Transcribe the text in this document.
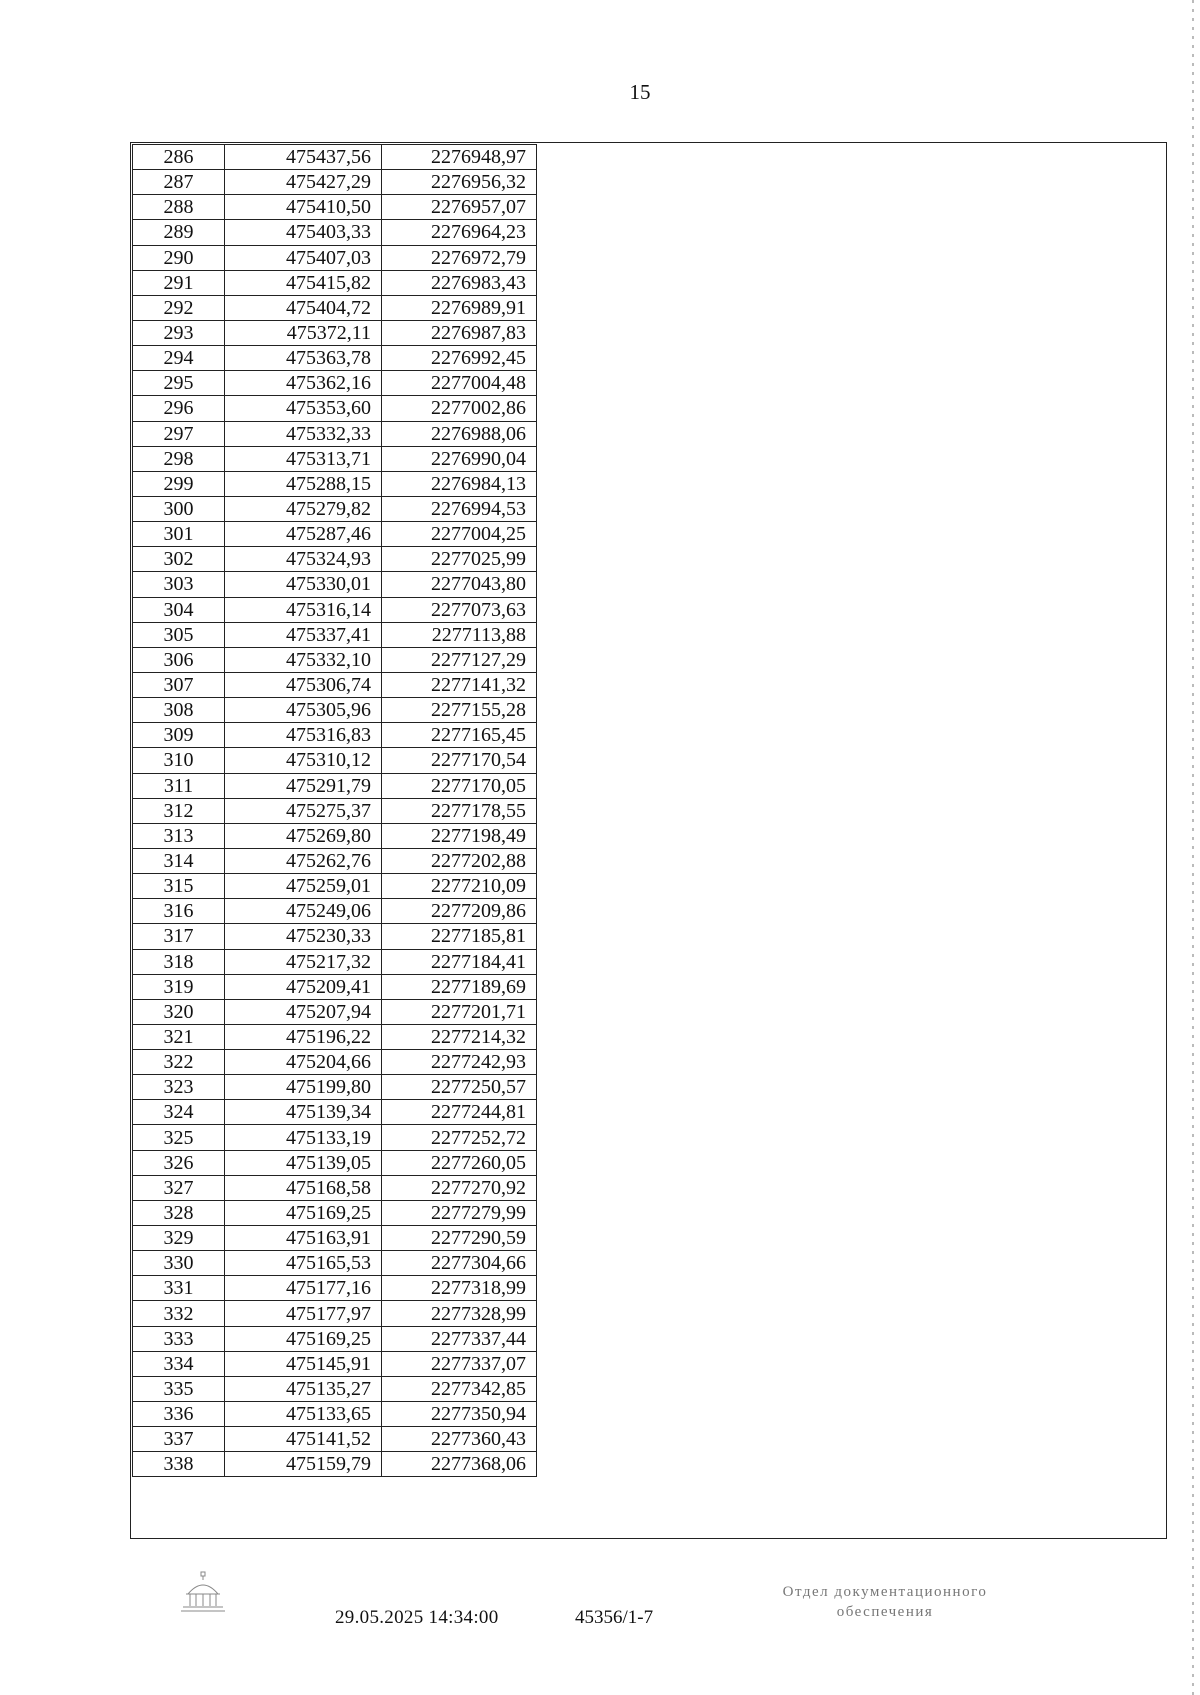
15
286	475437,56	2276948,97
287	475427,29	2276956,32
288	475410,50	2276957,07
289	475403,33	2276964,23
290	475407,03	2276972,79
291	475415,82	2276983,43
292	475404,72	2276989,91
293	475372,11	2276987,83
294	475363,78	2276992,45
295	475362,16	2277004,48
296	475353,60	2277002,86
297	475332,33	2276988,06
298	475313,71	2276990,04
299	475288,15	2276984,13
300	475279,82	2276994,53
301	475287,46	2277004,25
302	475324,93	2277025,99
303	475330,01	2277043,80
304	475316,14	2277073,63
305	475337,41	2277113,88
306	475332,10	2277127,29
307	475306,74	2277141,32
308	475305,96	2277155,28
309	475316,83	2277165,45
310	475310,12	2277170,54
311	475291,79	2277170,05
312	475275,37	2277178,55
313	475269,80	2277198,49
314	475262,76	2277202,88
315	475259,01	2277210,09
316	475249,06	2277209,86
317	475230,33	2277185,81
318	475217,32	2277184,41
319	475209,41	2277189,69
320	475207,94	2277201,71
321	475196,22	2277214,32
322	475204,66	2277242,93
323	475199,80	2277250,57
324	475139,34	2277244,81
325	475133,19	2277252,72
326	475139,05	2277260,05
327	475168,58	2277270,92
328	475169,25	2277279,99
329	475163,91	2277290,59
330	475165,53	2277304,66
331	475177,16	2277318,99
332	475177,97	2277328,99
333	475169,25	2277337,44
334	475145,91	2277337,07
335	475135,27	2277342,85
336	475133,65	2277350,94
337	475141,52	2277360,43
338	475159,79	2277368,06
29.05.2025 14:34:00	45356/1-7
Отдел документационного
обеспечения
